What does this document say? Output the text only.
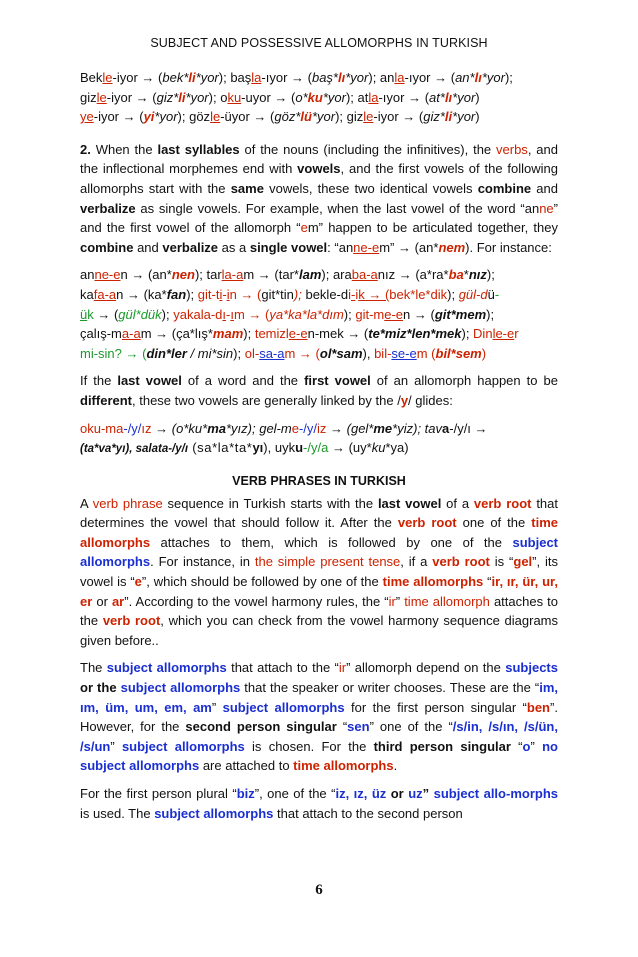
SUBJECT AND POSSESSIVE ALLOMORPHS IN TURKISH

Bekle-iyor → (bek*li*yor); başla-ıyor → (baş*lı*yor); anla-ıyor → (an*lı*yor);

gizle-iyor → (giz*li*yor); oku-uyor → (o*ku*yor); atla-ıyor → (at*lı*yor)

ye-iyor → (yi*yor); gözle-üyor → (göz*lü*yor); gizle-iyor → (giz*li*yor)

2. When the last syllables of the nouns (including the infinitives), the verbs, and the inflectional morphemes end with vowels, and the first vowels of the following allomorphs start with the same vowels, these two identical vowels combine and verbalize as single vowels. For example, when the last vowel of the word “anne” and the first vowel of the allomorph “em” happen to be articulated together, they combine and verbalize as a single vowel: “anne-em” → (an*nem). For instance:

anne-en → (an*nen); tarla-am → (tar*lam); araba-anız → (a*ra*ba*nız);

kafa-an → (ka*fan); git-ti-in → (git*tin); bekle-di-ik → (bek*le*dik); gül-dü-

ük → (gül*dük); yakala-dı-ım → (ya*ka*la*dım); git-me-en → (git*mem);

çalış-ma-am → (ça*lış*mam); temizle-en-mek → (te*miz*len*mek); Dinle-er

mi-sin? → (din*ler / mi*sin); ol-sa-am → (ol*sam), bil-se-em (bil*sem)

If the last vowel of a word and the first vowel of an allomorph happen to be different, these two vowels are generally linked by the /y/ glides:

oku-ma-/y/ız → (o*ku*ma*yız); gel-me-/y/iz → (gel*me*yiz); tava-/y/ı →

(ta*va*yı), salata-/y/ı (sa*la*ta*yı), uyku-/y/a → (uy*ku*ya)

VERB PHRASES IN TURKISH

A verb phrase sequence in Turkish starts with the last vowel of a verb root that determines the vowel that should follow it. After the verb root one of the time allomorphs attaches to them, which is followed by one of the subject allomorphs. For instance, in the simple present tense, if a verb root is “gel”, its vowel is “e”, which should be followed by one of the time allomorphs “ir, ır, ür, ur, er or ar”. According to the vowel harmony rules, the “ir” time allomorph attaches to the verb root, which you can check from the vowel harmony sequence diagrams given before..

The subject allomorphs that attach to the “ir” allomorph depend on the subjects or the subject allomorphs that the speaker or writer chooses. These are the “im, ım, üm, um, em, am” subject allomorphs for the first person singular “ben”. However, for the second person singular “sen” one of the “/s/in, /s/ın, /s/ün, /s/un” subject allomorphs is chosen. For the third person singular “o” no subject allomorphs are attached to time allomorphs.

For the first person plural “biz”, one of the “iz, ız, üz or uz” subject allo-morphs is used. The subject allomorphs that attach to the second person

6
